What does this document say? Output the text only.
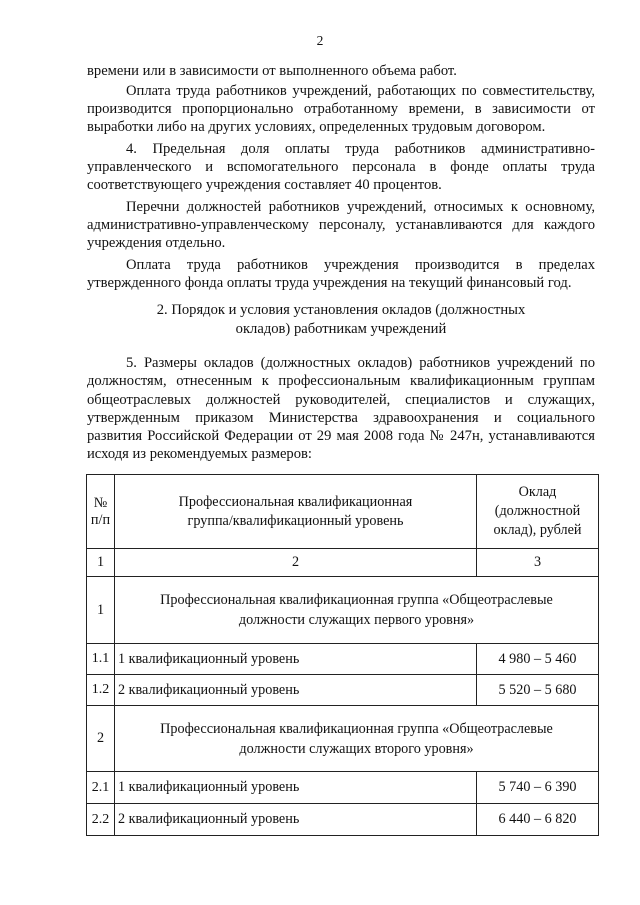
2

времени или в зависимости от выполненного объема работ.

Оплата труда работников учреждений, работающих по совместительству, производится пропорционально отработанному времени, в зависимости от выработки либо на других условиях, определенных трудовым договором.

4. Предельная доля оплаты труда работников административно-управленческого и вспомогательного персонала в фонде оплаты труда соответствующего учреждения составляет 40 процентов.

Перечни должностей работников учреждений, относимых к основному, административно-управленческому персоналу, устанавливаются для каждого учреждения отдельно.

Оплата труда работников учреждения производится в пределах утвержденного фонда оплаты труда учреждения на текущий финансовый год.

2. Порядок и условия установления окладов (должностных
окладов) работникам учреждений

5. Размеры окладов (должностных окладов) работников учреждений по должностям, отнесенным к профессиональным квалификационным группам общеотраслевых должностей руководителей, специалистов и служащих, утвержденным приказом Министерства здравоохранения и социального развития Российской Федерации от 29 мая 2008 года № 247н, устанавливаются исходя из рекомендуемых размеров:

№ п/п	Профессиональная квалификационная
группа/квалификационный уровень	Оклад (должностной оклад), рублей
1	2	3
1	Профессиональная квалификационная группа «Общеотраслевые
должности служащих первого уровня»	

1.1	1 квалификационный уровень	4 980 – 5 460
1.2	2 квалификационный уровень	5 520 – 5 680
2	Профессиональная квалификационная группа «Общеотраслевые
должности служащих второго уровня»	

2.1	1 квалификационный уровень	5 740 – 6 390
2.2	2 квалификационный уровень	6 440 – 6 820
